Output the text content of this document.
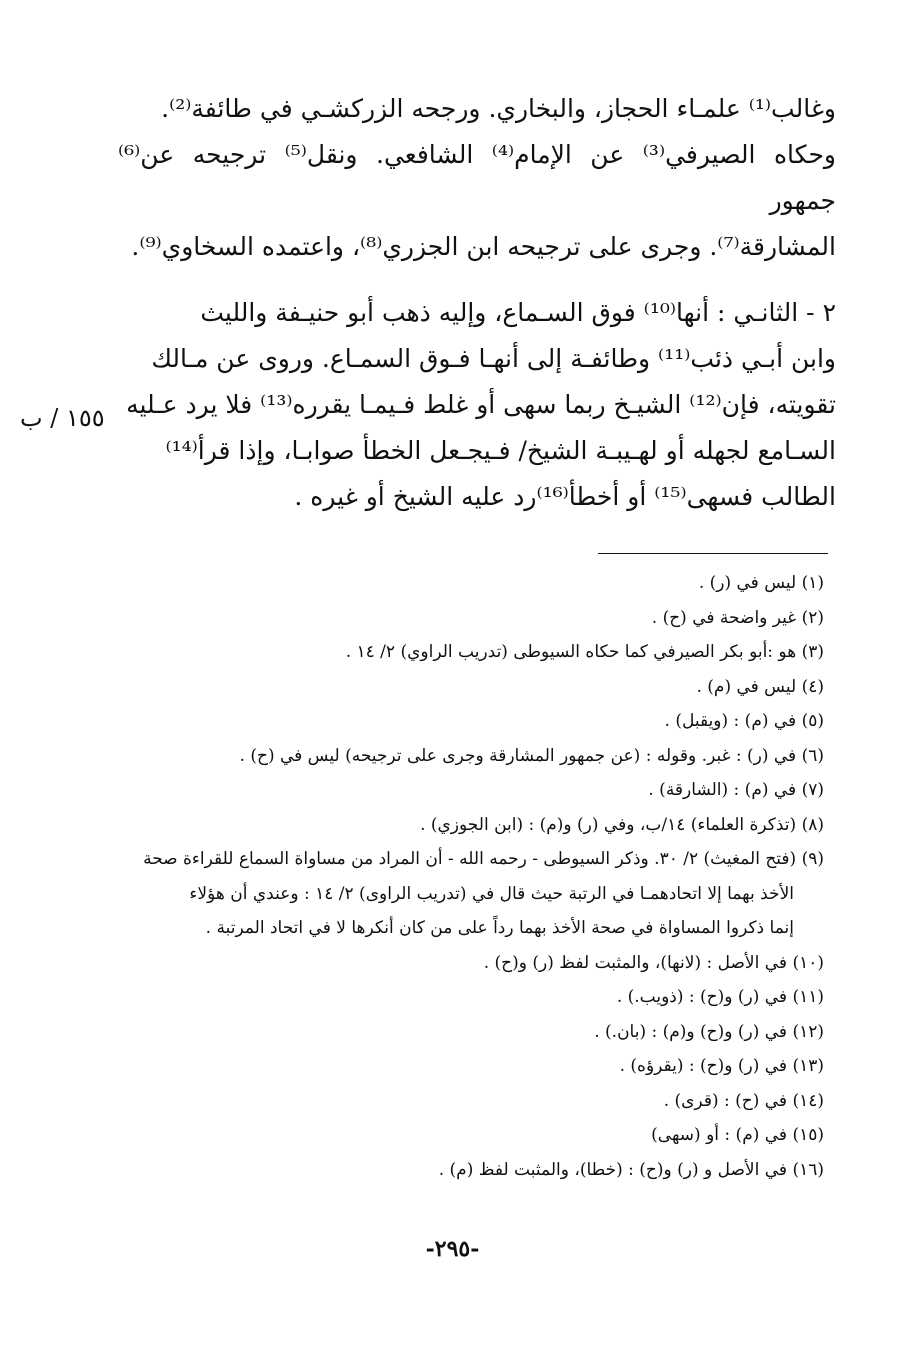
وغالب⁽¹⁾ علمـاء الحجاز، والبخاري. ورجحه الزركشـي في طائفة⁽²⁾.

وحكاه الصيرفي⁽³⁾ عن الإمام⁽⁴⁾ الشافعي. ونقل⁽⁵⁾ ترجيحه عن⁽⁶⁾ جمهور

المشارقة⁽⁷⁾. وجرى على ترجيحه ابن الجزري⁽⁸⁾، واعتمده السخاوي⁽⁹⁾.

٢ - الثانـي : أنها⁽¹⁰⁾ فوق السـماع، وإليه ذهب أبو حنيـفة والليث

وابن أبـي ذئب⁽¹¹⁾ وطائفـة إلى أنهـا فـوق السمـاع. وروى عن مـالك

تقويته، فإن⁽¹²⁾ الشيـخ ربما سهى أو غلط فـيمـا يقرره⁽¹³⁾ فلا يرد عـليه

السـامع لجهله أو لهـيبـة الشيخ/ فـيجـعل الخطأ صوابـا، وإذا قرأ⁽¹⁴⁾

الطالب فسهى⁽¹⁵⁾ أو أخطأ⁽¹⁶⁾رد عليه الشيخ أو غيره .

١٥٥ / ب

(١) ليس في (ر) .

(٢) غير واضحة في (ح) .

(٣) هو :أبو بكر الصيرفي كما حكاه السيوطى (تدريب الراوي) ٢/ ١٤ .

(٤) ليس في (م) .

(٥) في (م) : (ويقبل) .

(٦) في (ر) : غبر. وقوله : (عن جمهور المشارقة وجرى على ترجيحه) ليس في (ح) .

(٧) في (م) : (الشارقة) .

(٨) (تذكرة العلماء) ١٤/ب، وفي (ر) و(م) : (ابن الجوزي) .

(٩) (فتح المغيث) ٢/ ٣٠. وذكر السيوطى - رحمه الله - أن المراد من مساواة السماع للقراءة صحة

الأخذ بهما إلا اتحادهمـا في الرتبة حيث قال في (تدريب الراوى) ٢/ ١٤ : وعندي أن هؤلاء

إنما ذكروا المساواة في صحة الأخذ بهما رداً على من كان أنكرها لا في اتحاد المرتبة .

(١٠) في الأصل : (لانها)، والمثبت لفظ (ر) و(ح) .

(١١) في (ر) و(ح) : (ذويب.) .

(١٢) في (ر) و(ح) و(م) : (بان.) .

(١٣) في (ر) و(ح) : (يقرؤه) .

(١٤) في (ح) : (قرى) .

(١٥) في (م) : أو (سهى)

(١٦) في الأصل و (ر) و(ح) : (خطا)، والمثبت لفظ (م) .

-٢٩٥-
